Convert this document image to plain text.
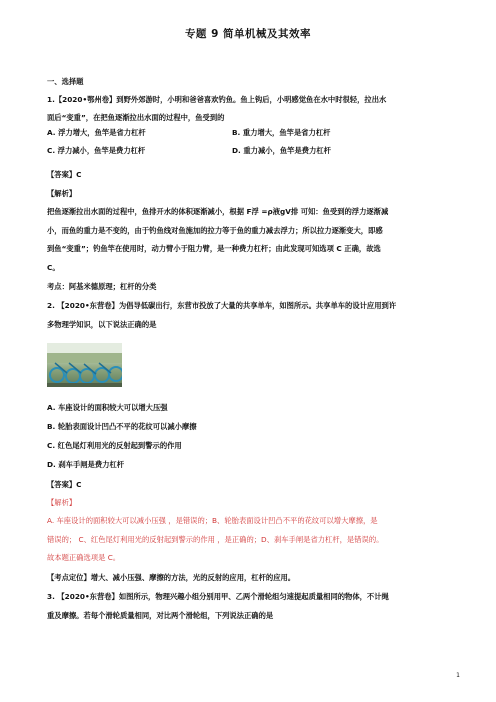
专题 9 简单机械及其效率
一、选择题
1.【2020•鄂州卷】到野外郊游时，小明和爸爸喜欢钓鱼。鱼上钩后，小明感觉鱼在水中时很轻，拉出水
面后“变重”，在把鱼逐渐拉出水面的过程中，鱼受到的
A. 浮力增大，鱼竿是省力杠杆	B. 重力增大，鱼竿是省力杠杆
C. 浮力减小，鱼竿是费力杠杆	D. 重力减小，鱼竿是费力杠杆
【答案】C
【解析】
把鱼逐渐拉出水面的过程中，鱼排开水的体积逐渐减小，根据 F浮 =ρ液gV排 可知：鱼受到的浮力逐渐减
小，而鱼的重力是不变的，由于钓鱼线对鱼施加的拉力等于鱼的重力减去浮力；所以拉力逐渐变大，即感
到鱼“变重”；钓鱼竿在使用时，动力臂小于阻力臂，是一种费力杠杆；由此发现可知选项 C 正确，故选
C。
考点：阿基米德原理；杠杆的分类
2. 【2020•东营卷】为倡导低碳出行，东营市投放了大量的共享单车，如图所示。共享单车的设计应用到许
多物理学知识，以下说法正确的是
A. 车座设计的面积较大可以增大压强
B. 轮胎表面设计凹凸不平的花纹可以减小摩擦
C. 红色尾灯利用光的反射起到警示的作用
D. 刹车手闸是费力杠杆
【答案】C
【解析】
A. 车座设计的面积较大可以减小压强 ，是错误的；B、轮胎表面设计凹凸不平的花纹可以增大摩擦，是
错误的； C、红色尾灯利用光的反射起到警示的作用 ，是正确的；D、刹车手闸是省力杠杆，是错误的。
故本题正确选项是 C。
【考点定位】增大、减小压强、摩擦的方法，光的反射的应用，杠杆的应用。
3. 【2020•东营卷】如图所示，物理兴趣小组分别用甲、乙两个滑轮组匀速提起质量相同的物体，不计绳
重及摩擦。若每个滑轮质量相同，对比两个滑轮组，下列说法正确的是
1
